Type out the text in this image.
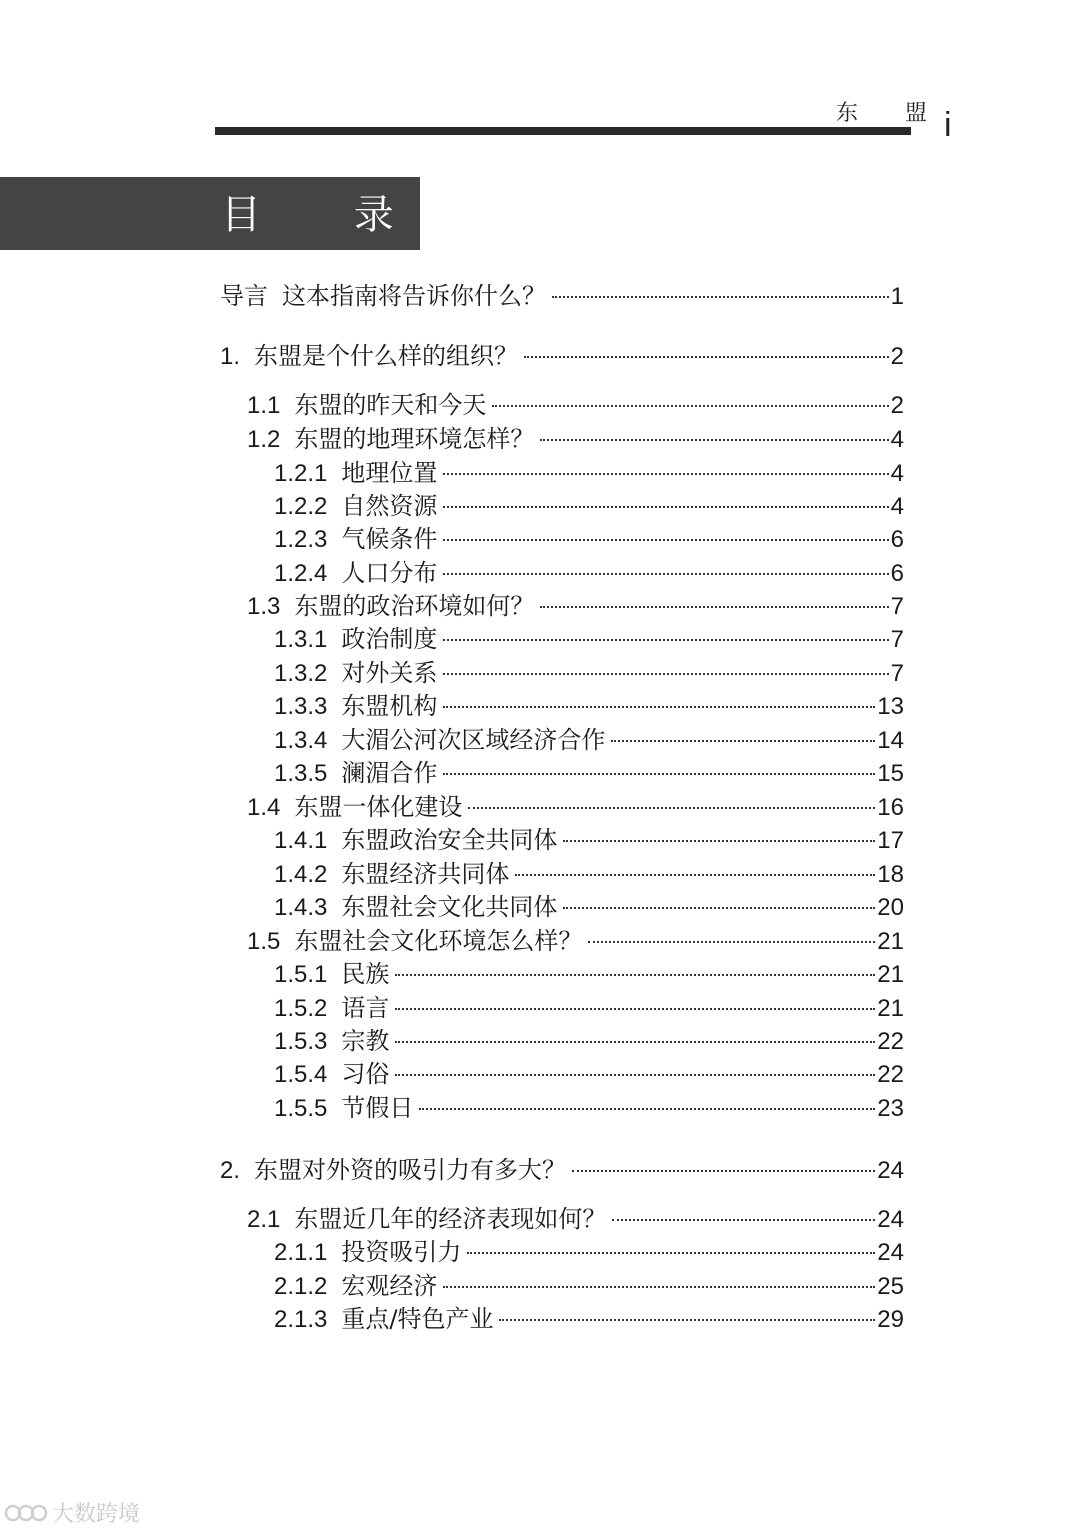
东 盟
i
目 录
导言 这本指南将告诉你什么？	1
1. 东盟是个什么样的组织？	2
1.1 东盟的昨天和今天	2
1.2 东盟的地理环境怎样？	4
1.2.1 地理位置	4
1.2.2 自然资源	4
1.2.3 气候条件	6
1.2.4 人口分布	6
1.3 东盟的政治环境如何？	7
1.3.1 政治制度	7
1.3.2 对外关系	7
1.3.3 东盟机构	13
1.3.4 大湄公河次区域经济合作	14
1.3.5 澜湄合作	15
1.4 东盟一体化建设	16
1.4.1 东盟政治安全共同体	17
1.4.2 东盟经济共同体	18
1.4.3 东盟社会文化共同体	20
1.5 东盟社会文化环境怎么样？	21
1.5.1 民族	21
1.5.2 语言	21
1.5.3 宗教	22
1.5.4 习俗	22
1.5.5 节假日	23
2. 东盟对外资的吸引力有多大？	24
2.1 东盟近几年的经济表现如何？	24
2.1.1 投资吸引力	24
2.1.2 宏观经济	25
2.1.3 重点/特色产业	29
大数跨境
